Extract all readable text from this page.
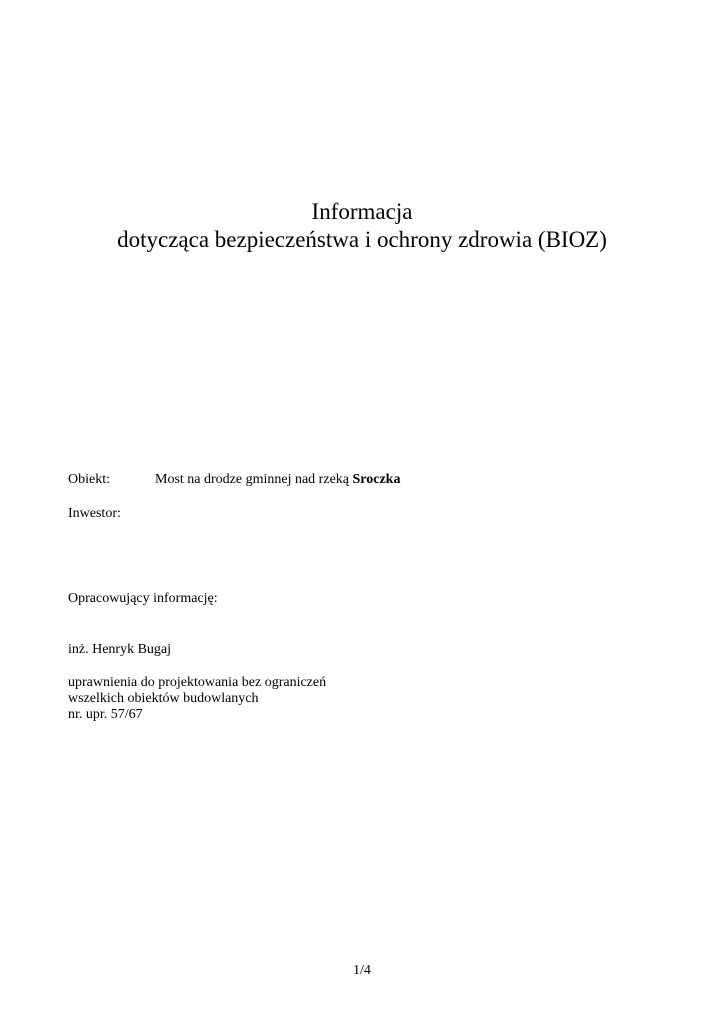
Informacja
dotycząca bezpieczeństwa i ochrony zdrowia (BIOZ)
Obiekt:	Most na drodze gminnej nad rzeką Sroczka
Inwestor:
Opracowujący informację:
inż. Henryk Bugaj
uprawnienia do projektowania bez ograniczeń
wszelkich obiektów budowlanych
nr. upr. 57/67
1/4
